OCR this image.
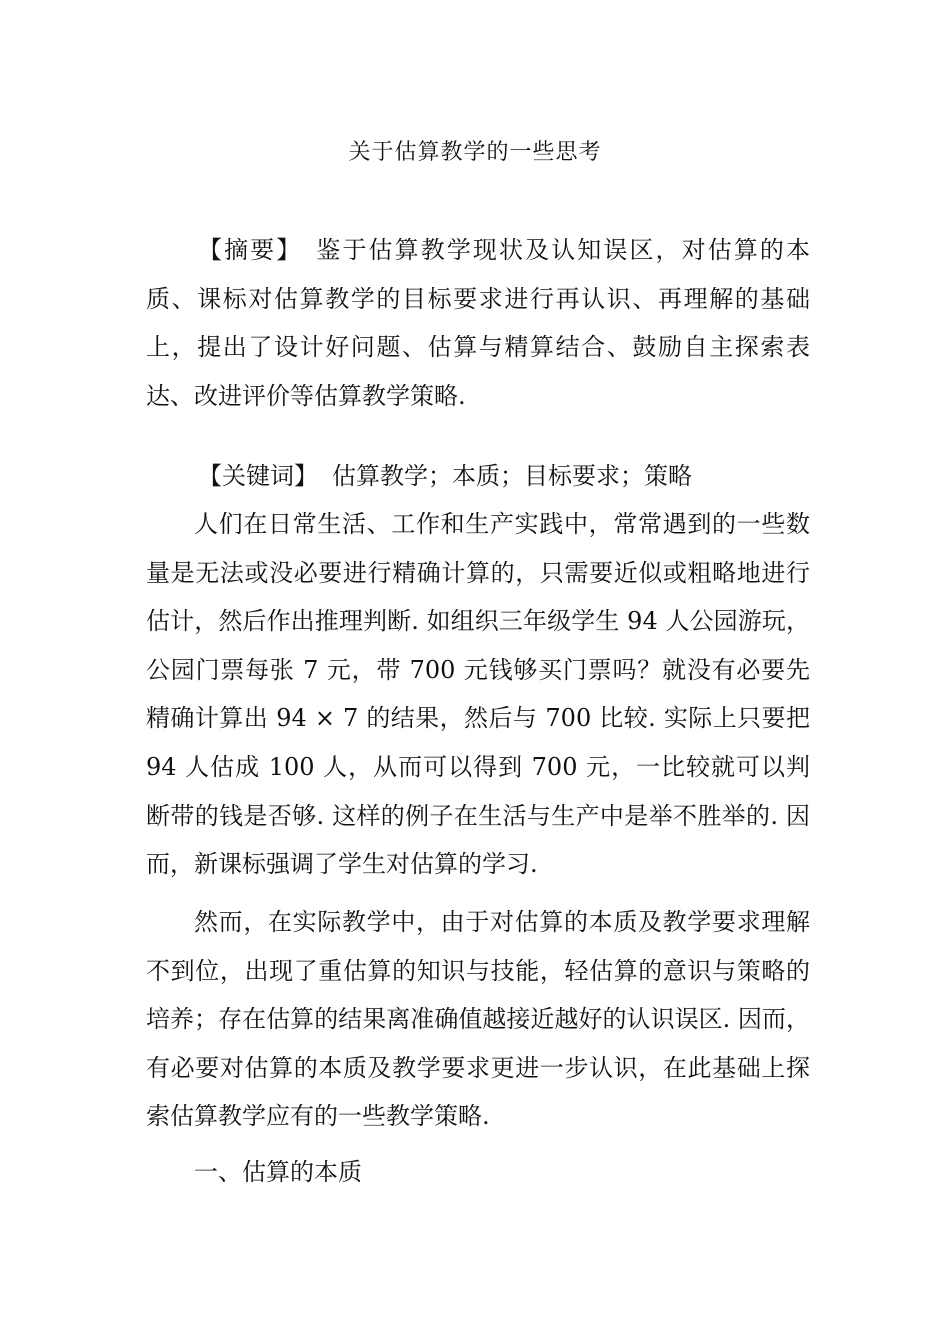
关于估算教学的一些思考
【摘要】 鉴于估算教学现状及认知误区，对估算的本质、课标对估算教学的目标要求进行再认识、再理解的基础上，提出了设计好问题、估算与精算结合、鼓励自主探索表达、改进评价等估算教学策略.
【关键词】 估算教学；本质；目标要求；策略
人们在日常生活、工作和生产实践中，常常遇到的一些数量是无法或没必要进行精确计算的，只需要近似或粗略地进行估计，然后作出推理判断. 如组织三年级学生 94 人公园游玩，公园门票每张 7 元，带 700 元钱够买门票吗？就没有必要先精确计算出 94 × 7 的结果，然后与 700 比较. 实际上只要把 94 人估成 100 人，从而可以得到 700 元，一比较就可以判断带的钱是否够. 这样的例子在生活与生产中是举不胜举的. 因而，新课标强调了学生对估算的学习.
然而，在实际教学中，由于对估算的本质及教学要求理解不到位，出现了重估算的知识与技能，轻估算的意识与策略的培养；存在估算的结果离准确值越接近越好的认识误区. 因而，有必要对估算的本质及教学要求更进一步认识，在此基础上探索估算教学应有的一些教学策略.
一、估算的本质
